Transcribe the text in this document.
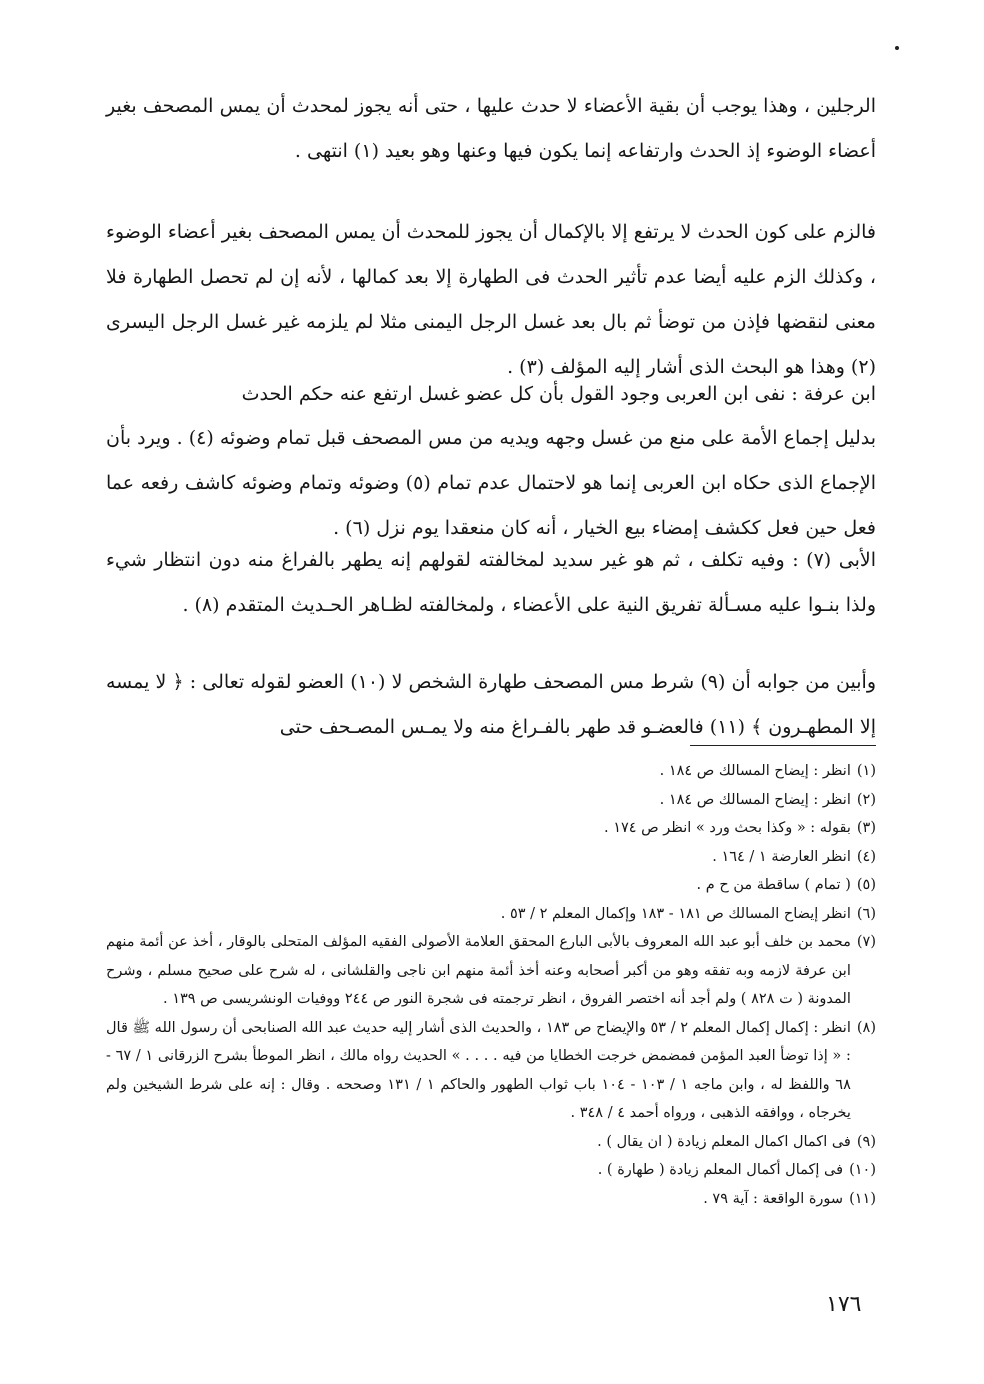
الرجلين ، وهذا يوجب أن بقية الأعضاء لا حدث عليها ، حتى أنه يجوز لمحدث أن يمس المصحف بغير أعضاء الوضوء إذ الحدث وارتفاعه إنما يكون فيها وعنها وهو بعيد (١) انتهى .

فالزم على كون الحدث لا يرتفع إلا بالإكمال أن يجوز للمحدث أن يمس المصحف بغير أعضاء الوضوء ، وكذلك الزم عليه أيضا عدم تأثير الحدث فى الطهارة إلا بعد كمالها ، لأنه إن لم تحصل الطهارة فلا معنى لنقضها فإذن من توضأ ثم بال بعد غسل الرجل اليمنى مثلا لم يلزمه غير غسل الرجل اليسرى (٢) وهذا هو البحث الذى أشار إليه المؤلف (٣) .

ابن عرفة : نفى ابن العربى وجود القول بأن كل عضو غسل ارتفع عنه حكم الحدث

بدليل إجماع الأمة على منع من غسل وجهه ويديه من مس المصحف قبل تمام وضوئه (٤) . ويرد بأن الإجماع الذى حكاه ابن العربى إنما هو لاحتمال عدم تمام (٥) وضوئه وتمام وضوئه كاشف رفعه عما فعل حين فعل ككشف إمضاء بيع الخيار ، أنه كان منعقدا يوم نزل (٦) .

الأبى (٧) : وفيه تكلف ، ثم هو غير سديد لمخالفته لقولهم إنه يطهر بالفراغ منه دون انتظار شيء ولذا بنـوا عليه مسـألة تفريق النية على الأعضاء ، ولمخالفته لظـاهر الحـديث المتقدم (٨) .

وأبين من جوابه أن (٩) شرط مس المصحف طهارة الشخص لا (١٠) العضو لقوله تعالى : ﴿ لا يمسه إلا المطهـرون ﴾ (١١) فالعضـو قد طهر بالفـراغ منه ولا يمـس المصـحف حتى

(١)
انظر : إيضاح المسالك ص ١٨٤ .
(٢)
انظر : إيضاح المسالك ص ١٨٤ .
(٣)
بقوله : « وكذا بحث ورد » انظر ص ١٧٤ .
(٤)
انظر العارضة ١ / ١٦٤ .
(٥)
( تمام ) ساقطة من ح م .
(٦)
انظر إيضاح المسالك ص ١٨١ - ١٨٣ وإكمال المعلم ٢ / ٥٣ .
(٧)
محمد بن خلف أبو عبد الله المعروف بالأبى البارع المحقق العلامة الأصولى الفقيه المؤلف المتحلى بالوقار ، أخذ عن أئمة منهم ابن عرفة لازمه وبه تفقه وهو من أكبر أصحابه وعنه أخذ أئمة منهم ابن ناجى والقلشانى ، له شرح على صحيح مسلم ، وشرح المدونة ( ت ٨٢٨ ) ولم أجد أنه اختصر الفروق ، انظر ترجمته فى شجرة النور ص ٢٤٤ ووفيات الونشريسى ص ١٣٩ .
(٨)
انظر : إكمال إكمال المعلم ٢ / ٥٣ والإيضاح ص ١٨٣ ، والحديث الذى أشار إليه حديث عبد الله الصنابحى أن رسول الله ﷺ قال : « إذا توضأ العبد المؤمن فمضمض خرجت الخطايا من فيه . . . . » الحديث رواه مالك ، انظر الموطأ بشرح الزرقانى ١ / ٦٧ - ٦٨ واللفظ له ، وابن ماجه ١ / ١٠٣ - ١٠٤ باب ثواب الطهور والحاكم ١ / ١٣١ وصححه . وقال : إنه على شرط الشيخين ولم يخرجاه ، ووافقه الذهبى ، ورواه أحمد ٤ / ٣٤٨ .
(٩)
فى اكمال اكمال المعلم زيادة ( ان يقال ) .
(١٠)
فى إكمال أكمال المعلم زيادة ( طهارة ) .
(١١)
سورة الواقعة : آية ٧٩ .
١٧٦
